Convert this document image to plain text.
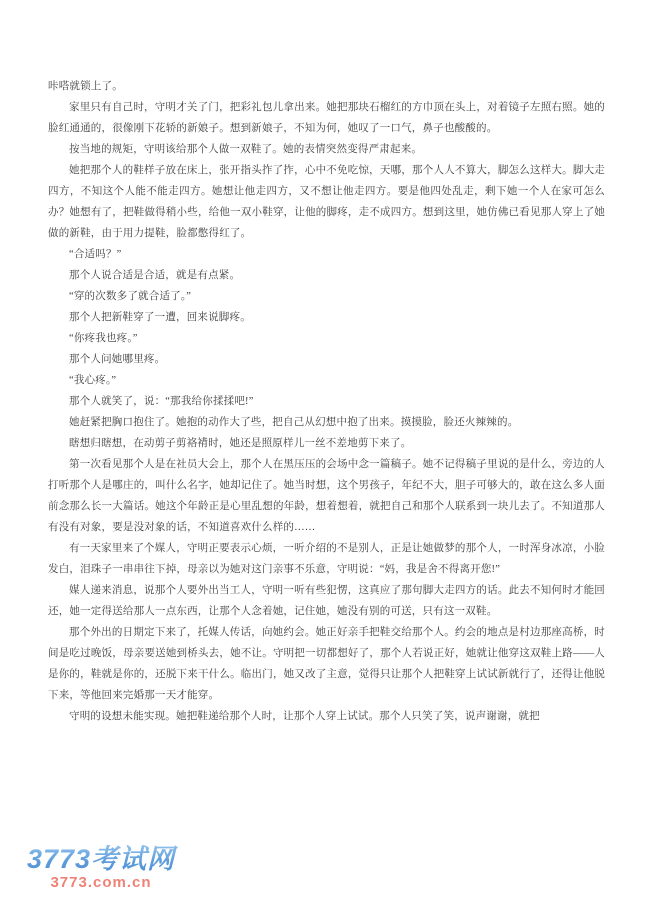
咔嗒就锁上了。

家里只有自己时，守明才关了门，把彩礼包儿拿出来。她把那块石榴红的方巾顶在头上，对着镜子左照右照。她的脸红通通的，很像刚下花轿的新娘子。想到新娘子，不知为何，她叹了一口气，鼻子也酸酸的。

按当地的规矩，守明该给那个人做一双鞋了。她的表情突然变得严肃起来。

她把那个人的鞋样子放在床上，张开指头拃了拃，心中不免吃惊，天哪，那个人人不算大，脚怎么这样大。脚大走四方，不知这个人能不能走四方。她想让他走四方，又不想让他走四方。要是他四处乱走，剩下她一个人在家可怎么办？她想有了，把鞋做得稍小些，给他一双小鞋穿，让他的脚疼，走不成四方。想到这里，她仿佛已看见那人穿上了她做的新鞋，由于用力提鞋，脸都憋得红了。

“合适吗？”

那个人说合适是合适，就是有点紧。

“穿的次数多了就合适了。”

那个人把新鞋穿了一遭，回来说脚疼。

“你疼我也疼。”

那个人问她哪里疼。

“我心疼。”

那个人就笑了，说：“那我给你揉揉吧!”

她赶紧把胸口抱住了。她抱的动作大了些，把自己从幻想中抱了出来。摸摸脸，脸还火辣辣的。

瞎想归瞎想，在动剪子剪袼褙时，她还是照原样儿一丝不差地剪下来了。

第一次看见那个人是在社员大会上，那个人在黑压压的会场中念一篇稿子。她不记得稿子里说的是什么，旁边的人打听那个人是哪庄的，叫什么名字，她却记住了。她当时想，这个男孩子，年纪不大，胆子可够大的，敢在这么多人面前念那么长一大篇话。她这个年龄正是心里乱想的年龄，想着想着，就把自己和那个人联系到一块儿去了。不知道那人有没有对象，要是没对象的话，不知道喜欢什么样的……

有一天家里来了个媒人，守明正要表示心烦，一听介绍的不是别人，正是让她做梦的那个人，一时浑身冰凉，小脸发白，泪珠子一串串往下掉，母亲以为她对这门亲事不乐意，守明说：“妈，我是舍不得离开您!”

媒人递来消息，说那个人要外出当工人，守明一听有些犯愣，这真应了那句脚大走四方的话。此去不知何时才能回还，她一定得送给那人一点东西，让那个人念着她，记住她，她没有别的可送，只有这一双鞋。

那个外出的日期定下来了，托媒人传话，向她约会。她正好亲手把鞋交给那个人。约会的地点是村边那座高桥，时间是吃过晚饭，母亲要送她到桥头去，她不让。守明把一切都想好了，那个人若说正好，她就让他穿这双鞋上路——人是你的，鞋就是你的，还脱下来干什么。临出门，她又改了主意，觉得只让那个人把鞋穿上试试新就行了，还得让他脱下来，等他回来完婚那一天才能穿。

守明的设想未能实现。她把鞋递给那个人时，让那个人穿上试试。那个人只笑了笑，说声谢谢，就把

3773考试网
3773.com.cn
